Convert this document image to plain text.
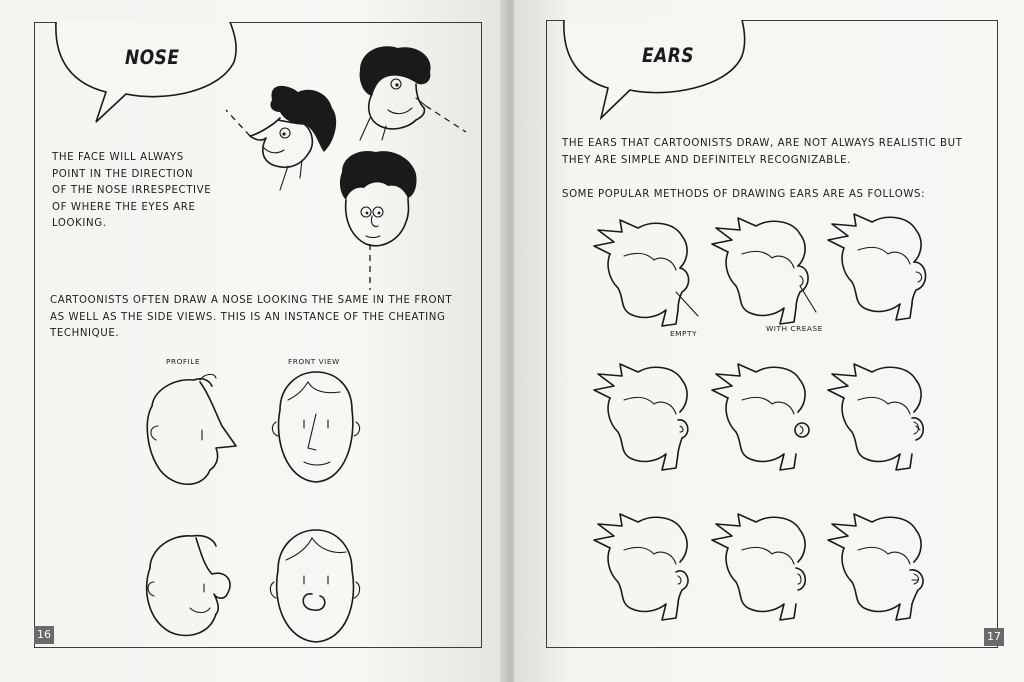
NOSE	EARS
THE FACE WILL ALWAYS POINT IN THE DIRECTION OF THE NOSE IRRESPECTIVE OF WHERE THE EYES ARE LOOKING.
CARTOONISTS OFTEN DRAW A NOSE LOOKING THE SAME IN THE FRONT AS WELL AS THE SIDE VIEWS. THIS IS AN INSTANCE OF THE CHEATING TECHNIQUE.
PROFILE	FRONT VIEW
16
THE EARS THAT CARTOONISTS DRAW, ARE NOT ALWAYS REALISTIC BUT THEY ARE SIMPLE AND DEFINITELY RECOGNIZABLE.
SOME POPULAR METHODS OF DRAWING EARS ARE AS FOLLOWS:
EMPTY
WITH CREASE
17
